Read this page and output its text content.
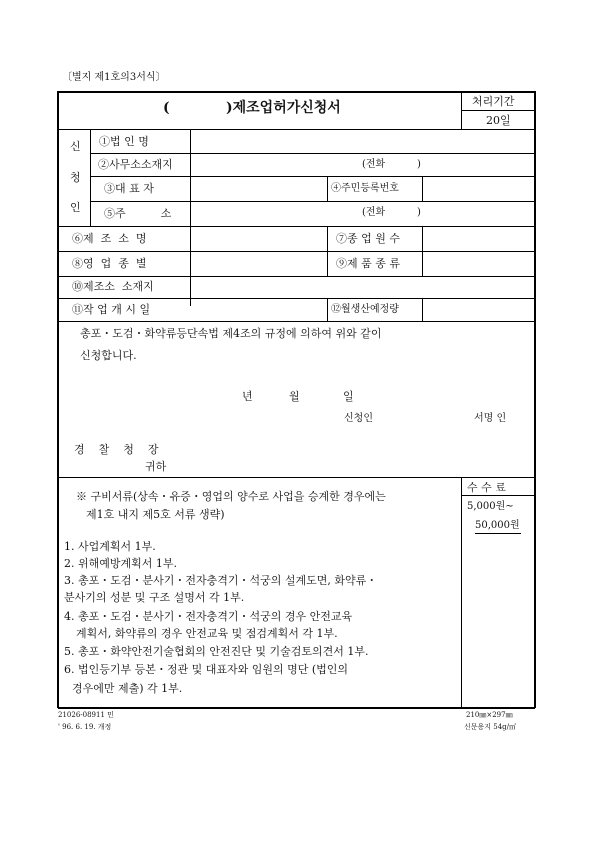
〔별지 제1호의3서식〕
(	)제조업허가신청서	처리기간
20일
신
청
인
①법 인 명
②사무소소재지	(전화          )
③대 표 자	④주민등록번호
⑤주          소	(전화          )
⑥제  조  소  명	⑦종 업 원 수
⑧영  업  종  별	⑨제 품 종 류
⑩제조소  소재지
⑪작 업 개 시 일	⑫월생산예정량
총포・도검・화약류등단속법 제4조의 규정에 의하여 위와 같이
신청합니다.
년	월	일
신청인	서명 인
경    찰    청    장
귀하
※ 구비서류(상속・유증・영업의 양수로 사업을 승계한 경우에는
제1호 내지 제5호 서류 생략)
1. 사업계획서 1부.
2. 위해예방계획서 1부.
3. 총포・도검・분사기・전자충격기・석궁의 설계도면, 화약류・
분사기의 성분 및 구조 설명서 각 1부.
4. 총포・도검・분사기・전자충격기・석궁의 경우 안전교육
계획서, 화약류의 경우 안전교육 및 점검계획서 각 1부.
5. 총포・화약안전기술협회의 안전진단 및 기술검토의견서 1부.
6. 법인등기부 등본・정관 및 대표자와 임원의 명단 (법인의
경우에만 제출) 각 1부.
수 수 료
5,000원∼
50,000원
21026-08911 민
' 96. 6. 19. 개정
210㎜×297㎜
신문용지 54g/㎡
